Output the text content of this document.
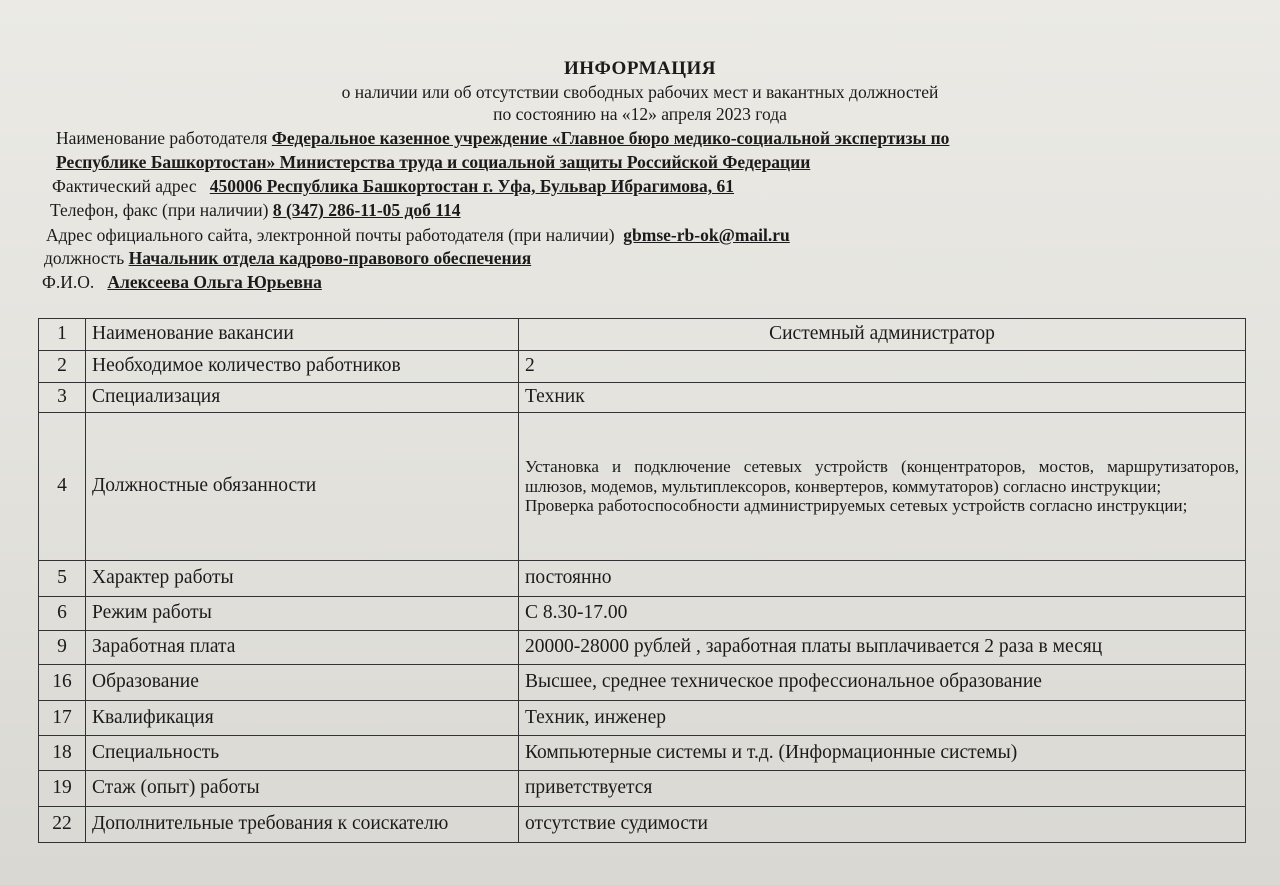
ИНФОРМАЦИЯ
о наличии или об отсутствии свободных рабочих мест и вакантных должностей
по состоянию на «12» апреля 2023 года
Наименование работодателя Федеральное казенное учреждение «Главное бюро медико-социальной экспертизы по
Республике Башкортостан» Министерства труда и социальной защиты Российской Федерации
Фактический адрес 450006 Республика Башкортостан г. Уфа, Бульвар Ибрагимова, 61
Телефон, факс (при наличии) 8 (347) 286-11-05 доб 114
Адрес официального сайта, электронной почты работодателя (при наличии) gbmse-rb-ok@mail.ru
должность Начальник отдела кадрово-правового обеспечения
Ф.И.О. Алексеева Ольга Юрьевна
1	Наименование вакансии	Системный администратор
2	Необходимое количество работников	2
3	Специализация	Техник
4	Должностные обязанности	Установка и подключение сетевых устройств (концентраторов, мостов, маршрутизаторов, шлюзов, модемов, мультиплексоров, конвертеров, коммутаторов) согласно инструкции;

Проверка работоспособности администрируемых сетевых устройств согласно инструкции;

5	Характер работы	постоянно
6	Режим работы	С 8.30-17.00
9	Заработная плата	20000-28000 рублей , заработная платы выплачивается 2 раза в месяц
16	Образование	Высшее, среднее техническое профессиональное образование
17	Квалификация	Техник, инженер
18	Специальность	Компьютерные системы и т.д. (Информационные системы)
19	Стаж (опыт) работы	приветствуется
22	Дополнительные требования к соискателю	отсутствие судимости
